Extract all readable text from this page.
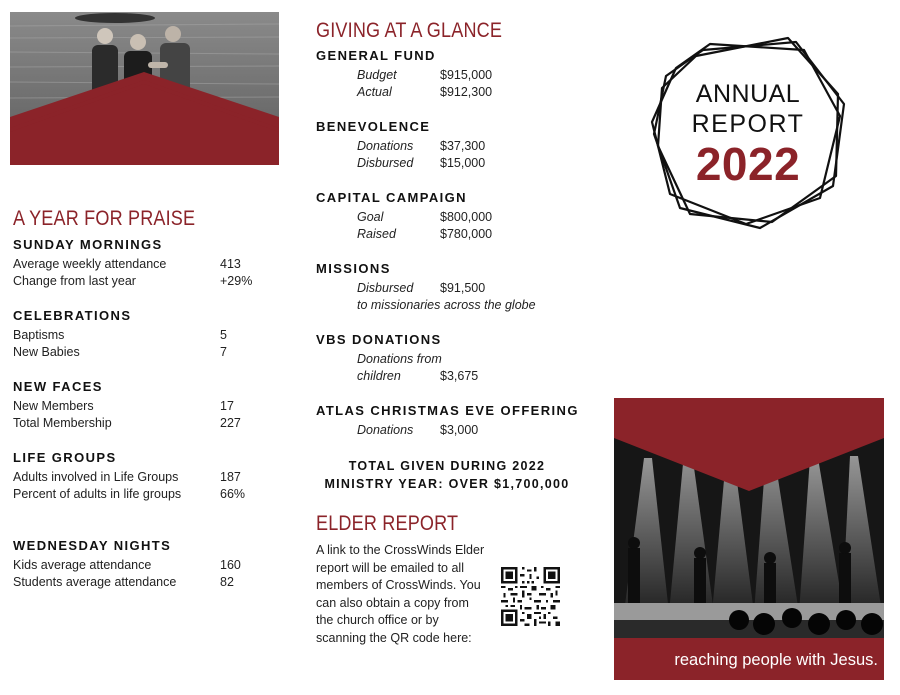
A YEAR FOR PRAISE
SUNDAY MORNINGS
Average weekly attendance	413
Change from last year	+29%
CELEBRATIONS
Baptisms	5
New Babies	7
NEW FACES
New Members	17
Total Membership	227
LIFE GROUPS
Adults involved in Life Groups	187
Percent of adults in life groups	66%
WEDNESDAY NIGHTS
Kids average attendance	160
Students average attendance	82
GIVING AT A GLANCE
GENERAL FUND
Budget	$915,000
Actual	$912,300
BENEVOLENCE
Donations $37,300
Disbursed $15,000
CAPITAL CAMPAIGN
Goal	$800,000
Raised	$780,000
MISSIONS
Disbursed $91,500
to missionaries across the globe
VBS DONATIONS
Donations from
children	$3,675
ATLAS CHRISTMAS EVE OFFERING
Donations $3,000
TOTAL GIVEN DURING 2022
MINISTRY YEAR: OVER $1,700,000
ELDER REPORT
A link to the CrossWinds Elder report will be emailed to all members of CrossWinds. You can also obtain a copy from the church office or by scanning the QR code here:
ANNUAL
REPORT
2022
reaching people with Jesus.
